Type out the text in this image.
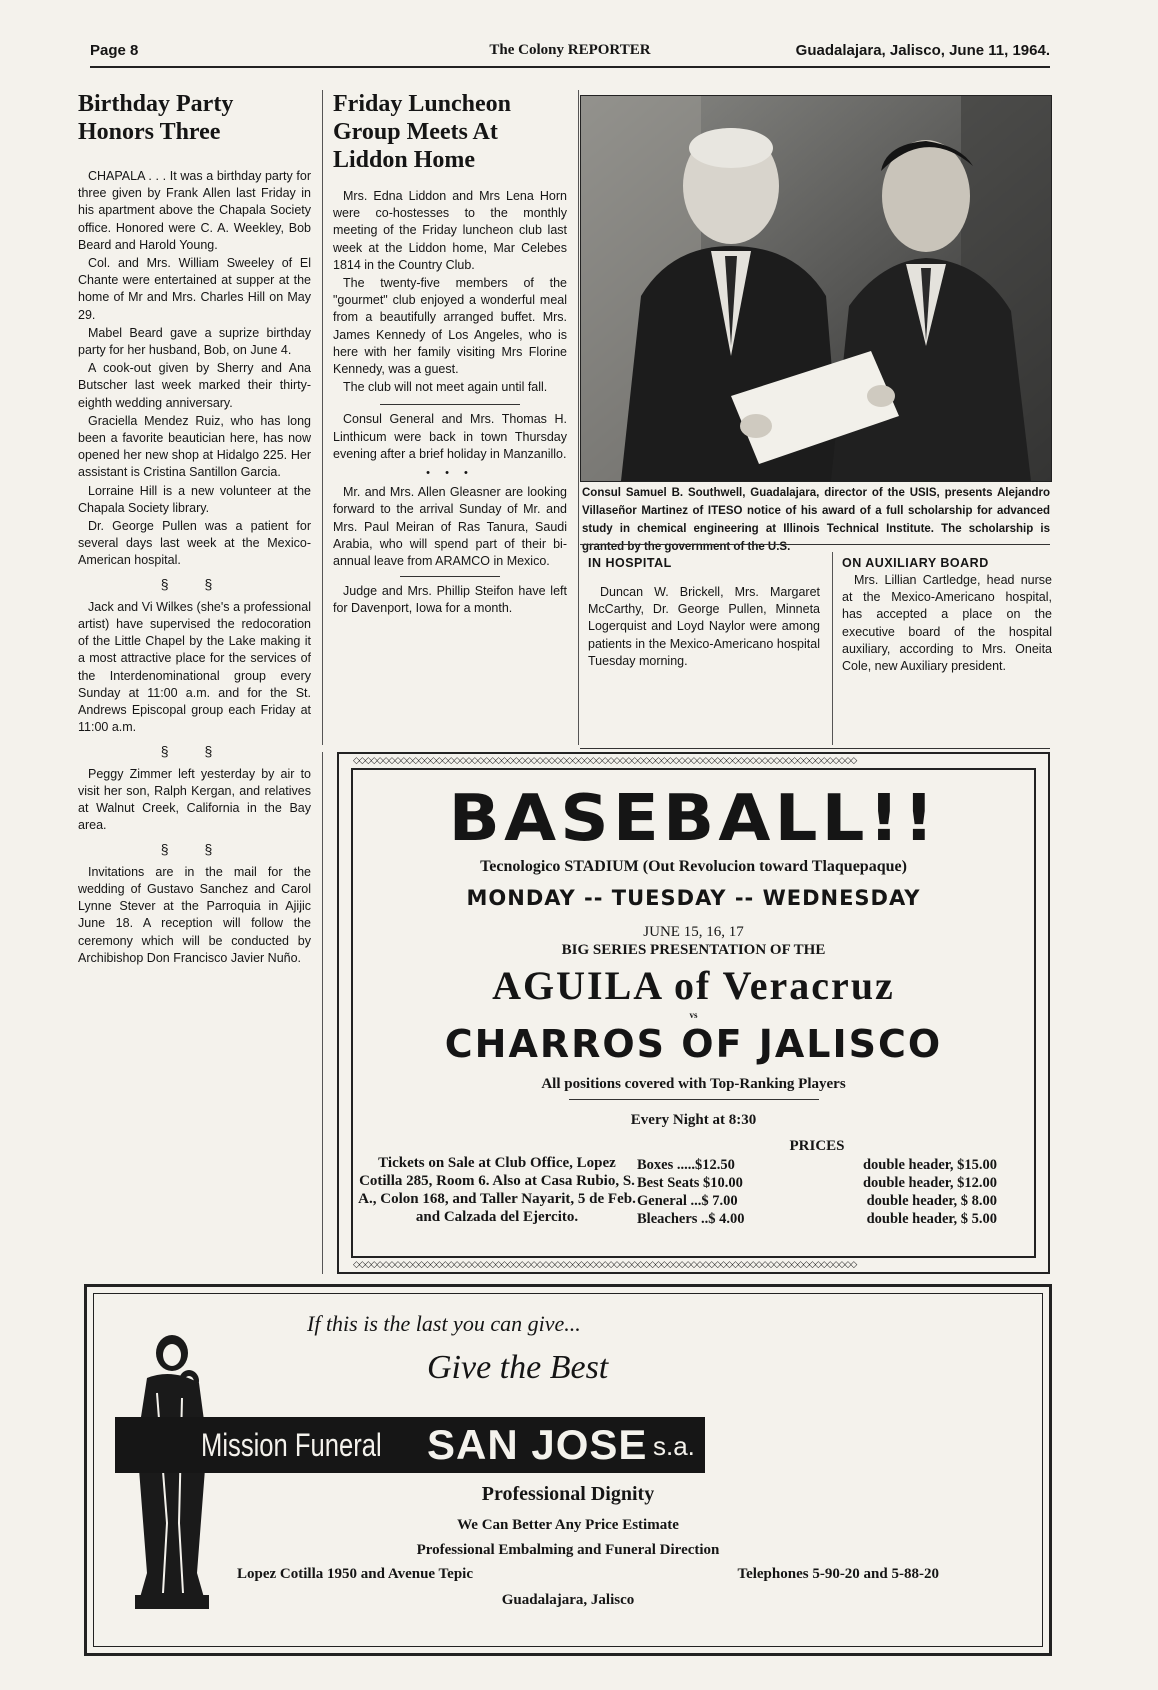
Page 8	The Colony REPORTER	Guadalajara, Jalisco, June 11, 1964.
Birthday Party Honors Three

CHAPALA . . . It was a birthday party for three given by Frank Allen last Friday in his apartment above the Chapala Society office. Honored were C. A. Weekley, Bob Beard and Harold Young.

Col. and Mrs. William Sweeley of El Chante were entertained at supper at the home of Mr and Mrs. Charles Hill on May 29.

Mabel Beard gave a suprize birthday party for her husband, Bob, on June 4.

A cook-out given by Sherry and Ana Butscher last week marked their thirty-eighth wedding anniversary.

Graciella Mendez Ruiz, who has long been a favorite beautician here, has now opened her new shop at Hidalgo 225. Her assistant is Cristina Santillon Garcia.

Lorraine Hill is a new volunteer at the Chapala Society library.

Dr. George Pullen was a patient for several days last week at the Mexico-American hospital.

§ §

Jack and Vi Wilkes (she's a professional artist) have supervised the redocoration of the Little Chapel by the Lake making it a most attractive place for the services of the Interdenominational group every Sunday at 11:00 a.m. and for the St. Andrews Episcopal group each Friday at 11:00 a.m.

§ §

Peggy Zimmer left yesterday by air to visit her son, Ralph Kergan, and relatives at Walnut Creek, California in the Bay area.

§ §

Invitations are in the mail for the wedding of Gustavo Sanchez and Carol Lynne Stever at the Parroquia in Ajijic June 18. A reception will follow the ceremony which will be conducted by Archibishop Don Francisco Javier Nuño.

Friday Luncheon Group Meets At Liddon Home

Mrs. Edna Liddon and Mrs Lena Horn were co-hostesses to the monthly meeting of the Friday luncheon club last week at the Liddon home, Mar Celebes 1814 in the Country Club.

The twenty-five members of the "gourmet" club enjoyed a wonderful meal from a beautifully arranged buffet. Mrs. James Kennedy of Los Angeles, who is here with her family visiting Mrs Florine Kennedy, was a guest.

The club will not meet again until fall.

Consul General and Mrs. Thomas H. Linthicum were back in town Thursday evening after a brief holiday in Manzanillo.

• • •

Mr. and Mrs. Allen Gleasner are looking forward to the arrival Sunday of Mr. and Mrs. Paul Meiran of Ras Tanura, Saudi Arabia, who will spend part of their bi-annual leave from ARAMCO in Mexico.

Judge and Mrs. Phillip Steifon have left for Davenport, Iowa for a month.

Consul Samuel B. Southwell, Guadalajara, director of the USIS, presents Alejandro Villaseñor Martinez of ITESO notice of his award of a full scholarship for advanced study in chemical engineering at Illinois Technical Institute. The scholarship is granted by the government of the U.S.
IN HOSPITAL
Duncan W. Brickell, Mrs. Margaret McCarthy, Dr. George Pullen, Minneta Logerquist and Loyd Naylor were among patients in the Mexico-Americano hospital Tuesday morning.
ON AUXILIARY BOARD
Mrs. Lillian Cartledge, head nurse at the Mexico-Americano hospital, has accepted a place on the executive board of the hospital auxiliary, according to Mrs. Oneita Cole, new Auxiliary president.
◇◇◇◇◇◇◇◇◇◇◇◇◇◇◇◇◇◇◇◇◇◇◇◇◇◇◇◇◇◇◇◇◇◇◇◇◇◇◇◇◇◇◇◇◇◇◇◇◇◇◇◇◇◇◇◇◇◇◇◇◇◇◇◇◇◇◇◇◇◇◇◇◇◇◇◇◇◇◇◇◇◇◇◇◇
◇◇◇◇◇◇◇◇◇◇◇◇◇◇◇◇◇◇◇◇◇◇◇◇◇◇◇◇◇◇◇◇◇◇◇◇◇◇◇◇◇◇◇◇◇◇◇◇◇◇◇◇◇◇◇◇◇◇◇◇◇◇◇◇◇◇◇◇◇◇◇◇◇◇◇◇◇◇◇◇◇◇◇◇◇
BASEBALL!!
Tecnologico STADIUM (Out Revolucion toward Tlaquepaque)
MONDAY -- TUESDAY -- WEDNESDAY
JUNE 15, 16, 17
BIG SERIES PRESENTATION OF THE
AGUILA of Veracruz
vs
CHARROS OF JALISCO
All positions covered with Top-Ranking Players
Every Night at 8:30
Tickets on Sale at Club Office, Lopez Cotilla 285, Room 6. Also at Casa Rubio, S. A., Colon 168, and Taller Nayarit, 5 de Feb. and Calzada del Ejercito.
PRICES
Boxes .....$12.50	double header, $15.00
Best Seats $10.00	double header, $12.00
General ...$ 7.00	double header, $ 8.00
Bleachers ..$ 4.00	double header, $ 5.00
If this is the last you can give...
Give the Best
Mission Funeral SAN JOSE s.a.
Professional Dignity
We Can Better Any Price Estimate
Professional Embalming and Funeral Direction
Lopez Cotilla 1950 and Avenue Tepic	Telephones 5-90-20 and 5-88-20
Guadalajara, Jalisco
